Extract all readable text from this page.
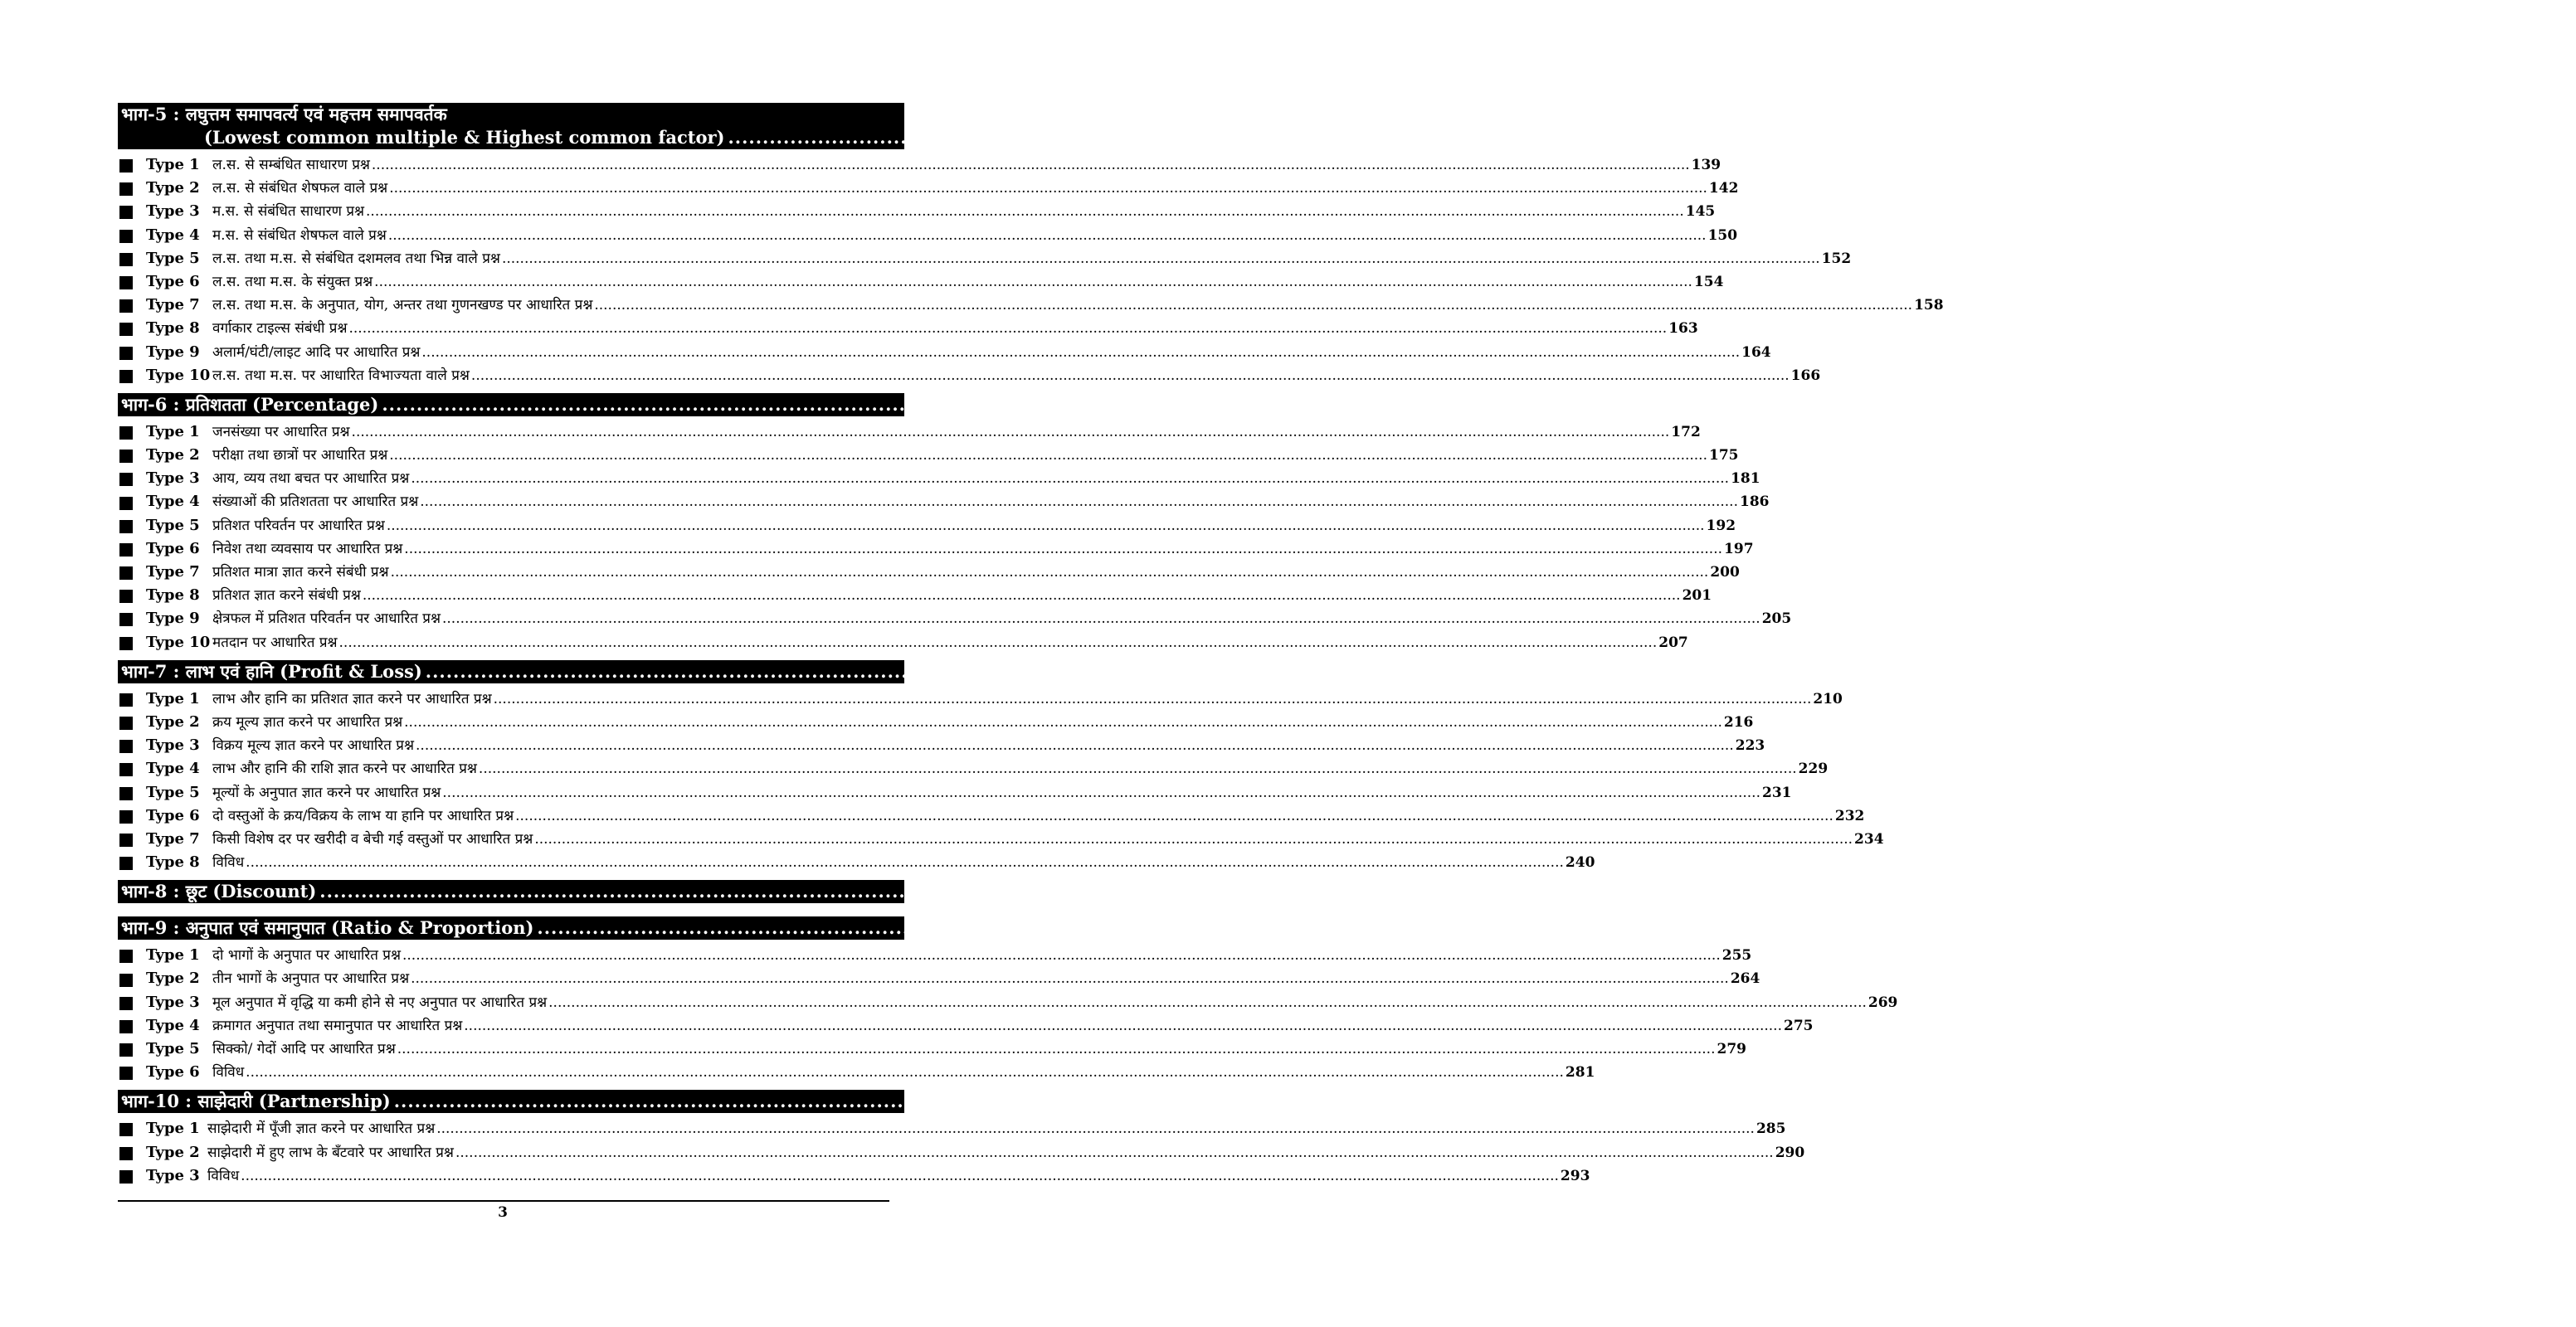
भाग-5 : लघुत्तम समापवर्त्य एवं महत्तम समापवर्तक
(Lowest common multiple & Highest common factor) .....	139-171
Type 1 ल.स. से सम्बंधित साधारण प्रश्न .....	139
Type 2 ल.स. से संबंधित शेषफल वाले प्रश्न .....	142
Type 3 म.स. से संबंधित साधारण प्रश्न .....	145
Type 4 म.स. से संबंधित शेषफल वाले प्रश्न .....	150
Type 5 ल.स. तथा म.स. से संबंधित दशमलव तथा भिन्न वाले प्रश्न .....	152
Type 6 ल.स. तथा म.स. के संयुक्त प्रश्न .....	154
Type 7 ल.स. तथा म.स. के अनुपात, योग, अन्तर तथा गुणनखण्ड पर आधारित प्रश्न .....	158
Type 8 वर्गाकार टाइल्स संबंधी प्रश्न .....	163
Type 9 अलार्म/घंटी/लाइट आदि पर आधारित प्रश्न .....	164
Type 10 ल.स. तथा म.स. पर आधारित विभाज्यता वाले प्रश्न .....	166
भाग-6 : प्रतिशतता (Percentage) .....	172-209
Type 1 जनसंख्या पर आधारित प्रश्न .....	172
Type 2 परीक्षा तथा छात्रों पर आधारित प्रश्न .....	175
Type 3 आय, व्यय तथा बचत पर आधारित प्रश्न .....	181
Type 4 संख्याओं की प्रतिशतता पर आधारित प्रश्न .....	186
Type 5 प्रतिशत परिवर्तन पर आधारित प्रश्न .....	192
Type 6 निवेश तथा व्यवसाय पर आधारित प्रश्न .....	197
Type 7 प्रतिशत मात्रा ज्ञात करने संबंधी प्रश्न .....	200
Type 8 प्रतिशत ज्ञात करने संबंधी प्रश्न .....	201
Type 9 क्षेत्रफल में प्रतिशत परिवर्तन पर आधारित प्रश्न .....	205
Type 10 मतदान पर आधारित प्रश्न .....	207
भाग-7 : लाभ एवं हानि (Profit & Loss) .....	210-242
Type 1 लाभ और हानि का प्रतिशत ज्ञात करने पर आधारित प्रश्न .....	210
Type 2 क्रय मूल्य ज्ञात करने पर आधारित प्रश्न .....	216
Type 3 विक्रय मूल्य ज्ञात करने पर आधारित प्रश्न .....	223
Type 4 लाभ और हानि की राशि ज्ञात करने पर आधारित प्रश्न .....	229
Type 5 मूल्यों के अनुपात ज्ञात करने पर आधारित प्रश्न .....	231
Type 6 दो वस्तुओं के क्रय/विक्रय के लाभ या हानि पर आधारित प्रश्न .....	232
Type 7 किसी विशेष दर पर खरीदी व बेची गई वस्तुओं पर आधारित प्रश्न .....	234
Type 8 विविध .....	240
भाग-8 : छूट (Discount) .....	243-254
भाग-9 : अनुपात एवं समानुपात (Ratio & Proportion) .....	255-284
Type 1 दो भागों के अनुपात पर आधारित प्रश्न .....	255
Type 2 तीन भागों के अनुपात पर आधारित प्रश्न .....	264
Type 3 मूल अनुपात में वृद्धि या कमी होने से नए अनुपात पर आधारित प्रश्न .....	269
Type 4 क्रमागत अनुपात तथा समानुपात पर आधारित प्रश्न .....	275
Type 5 सिक्को/ गेदों आदि पर आधारित प्रश्न .....	279
Type 6 विविध .....	281
भाग-10 : साझेदारी (Partnership) .....	285-294
Type 1 साझेदारी में पूँजी ज्ञात करने पर आधारित प्रश्न .....	285
Type 2 साझेदारी में हुए लाभ के बँटवारे पर आधारित प्रश्न .....	290
Type 3 विविध .....	293
3
